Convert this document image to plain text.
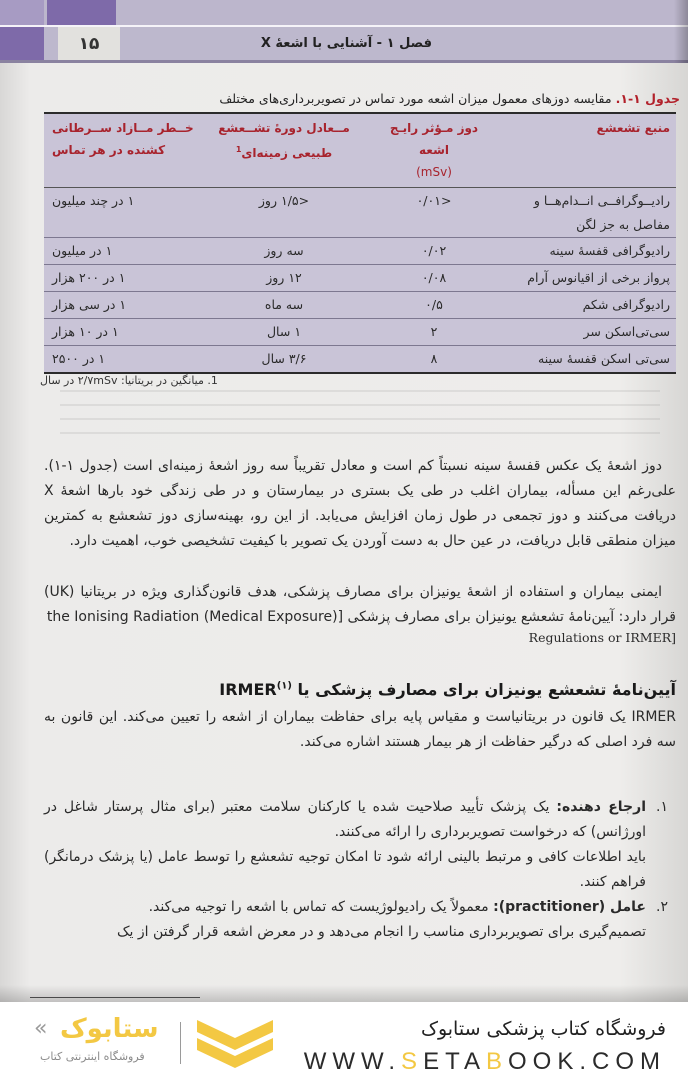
۱۵	فصل ۱ - آشنایی با اشعهٔ X
جدول ۱-۱. مقایسه دوزهای معمول میزان اشعه مورد تماس در تصویربرداری‌های مختلف
منبع تشعشع

دوز مـؤثر رایـج اشعه
(mSv)
مــعادل دورهٔ تشــعشع
طبیعی زمینه‌ای$^1$
خــطر مــازاد ســرطانی
کشنده در هر تماس
رادیــوگرافــی انــدام‌هــا و مفاصل به جز لگن
<۰/۰۱
<۱/۵ روز
۱ در چند میلیون
رادیوگرافی قفسهٔ سینه
۰/۰۲
سه روز
۱ در میلیون
پرواز برخی از اقیانوس آرام
۰/۰۸
۱۲ روز
۱ در ۲۰۰ هزار
رادیوگرافی شکم
۰/۵
سه ماه
۱ در سی هزار
سی‌تی‌اسکن سر
۲
۱ سال
۱ در ۱۰ هزار
سی‌تی اسکن قفسهٔ سینه
۸
۳/۶ سال
۱ در ۲۵۰۰
1. میانگین در بریتانیا: ۲/۷mSv در سال
دوز اشعهٔ یک عکس قفسهٔ سینه نسبتاً کم است و معادل تقریباً سه روز اشعهٔ زمینه‌ای است (جدول ۱-۱). علی‌رغم این مسأله، بیماران اغلب در طی یک بستری در بیمارستان و در طی زندگی خود بارها اشعهٔ X دریافت می‌کنند و دوز تجمعی در طول زمان افزایش می‌یابد. از این رو، بهینه‌سازی دوز تشعشع به کمترین میزان منطقی قابل دریافت، در عین حال به دست آوردن یک تصویر با کیفیت تشخیصی خوب، اهمیت دارد.
ایمنی بیماران و استفاده از اشعهٔ یونیزان برای مصارف پزشکی، هدف قانون‌گذاری ویژه در بریتانیا (UK) قرار دارد: آیین‌نامهٔ تشعشع یونیزان برای مصارف پزشکی [the Ionising Radiation (Medical Exposure)
Regulations or IRMER]
آیین‌نامهٔ تشعشع یونیزان برای مصارف پزشکی یا IRMER$^{(۱)}$
IRMER یک قانون در بریتانیاست و مقیاس پایه برای حفاظت بیماران از اشعه را تعیین می‌کند. این قانون به سه فرد اصلی که درگیر حفاظت از هر بیمار هستند اشاره می‌کند.
۱.
ارجاع دهنده: یک پزشک تأیید صلاحیت شده یا کارکنان سلامت معتبر (برای مثال پرستار شاغل در اورژانس) که درخواست تصویربرداری را ارائه می‌کنند.
باید اطلاعات کافی و مرتبط بالینی ارائه شود تا امکان توجیه تشعشع را توسط عامل (یا پزشک درمانگر) فراهم کنند.
۲.
عامل (practitioner): معمولاً یک رادیولوژیست که تماس با اشعه را توجیه می‌کند.
تصمیم‌گیری برای تصویربرداری مناسب را انجام می‌دهد و در معرض اشعه قرار گرفتن از یک
فروشگاه کتاب پزشکی ستابوک
WWW.SETABOOK.COM
« ستابوک
فروشگاه اینترنتی کتاب
